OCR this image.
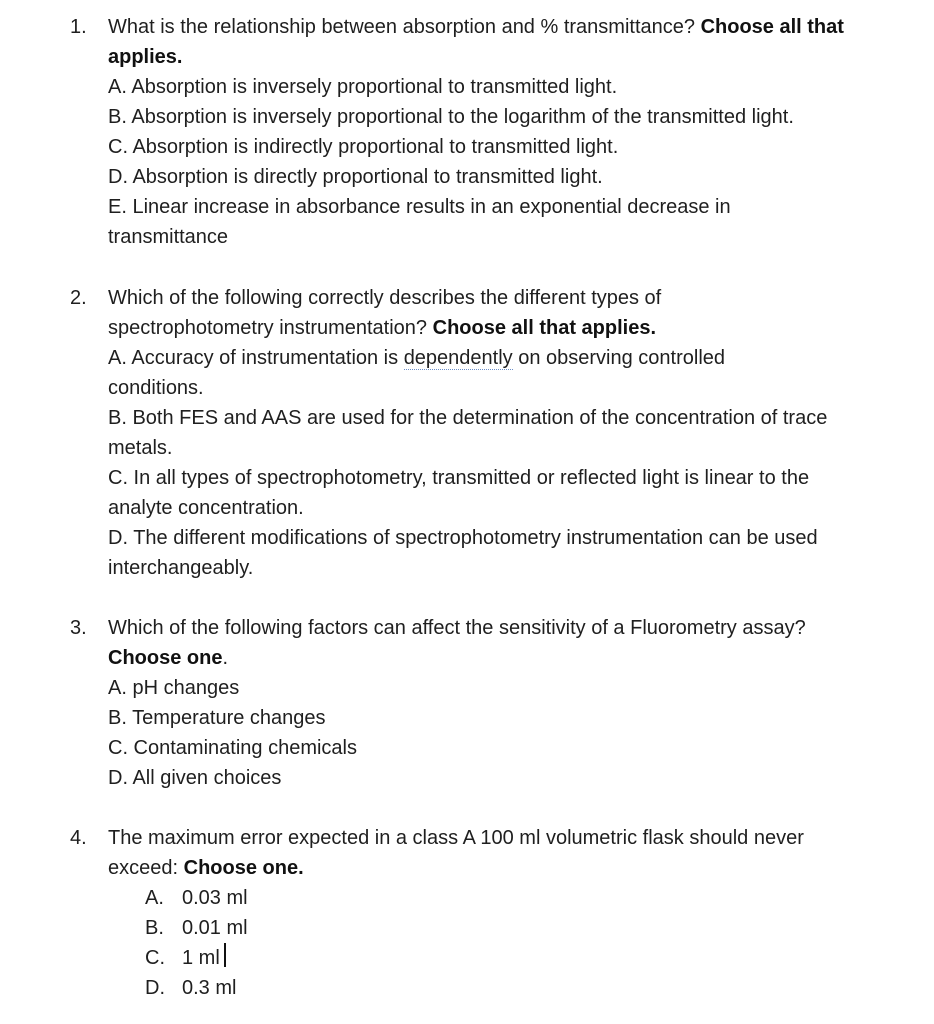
1. What is the relationship between absorption and % transmittance? Choose all that applies.
A. Absorption is inversely proportional to transmitted light.
B. Absorption is inversely proportional to the logarithm of the transmitted light.
C. Absorption is indirectly proportional to transmitted light.
D. Absorption is directly proportional to transmitted light.
E. Linear increase in absorbance results in an exponential decrease in transmittance
2. Which of the following correctly describes the different types of spectrophotometry instrumentation? Choose all that applies.
A. Accuracy of instrumentation is dependently on observing controlled conditions.
B. Both FES and AAS are used for the determination of the concentration of trace metals.
C. In all types of spectrophotometry, transmitted or reflected light is linear to the analyte concentration.
D. The different modifications of spectrophotometry instrumentation can be used interchangeably.
3. Which of the following factors can affect the sensitivity of a Fluorometry assay? Choose one.
A. pH changes
B. Temperature changes
C. Contaminating chemicals
D. All given choices
4. The maximum error expected in a class A 100 ml volumetric flask should never exceed: Choose one.
A. 0.03 ml
B. 0.01 ml
C. 1 ml
D. 0.3 ml
